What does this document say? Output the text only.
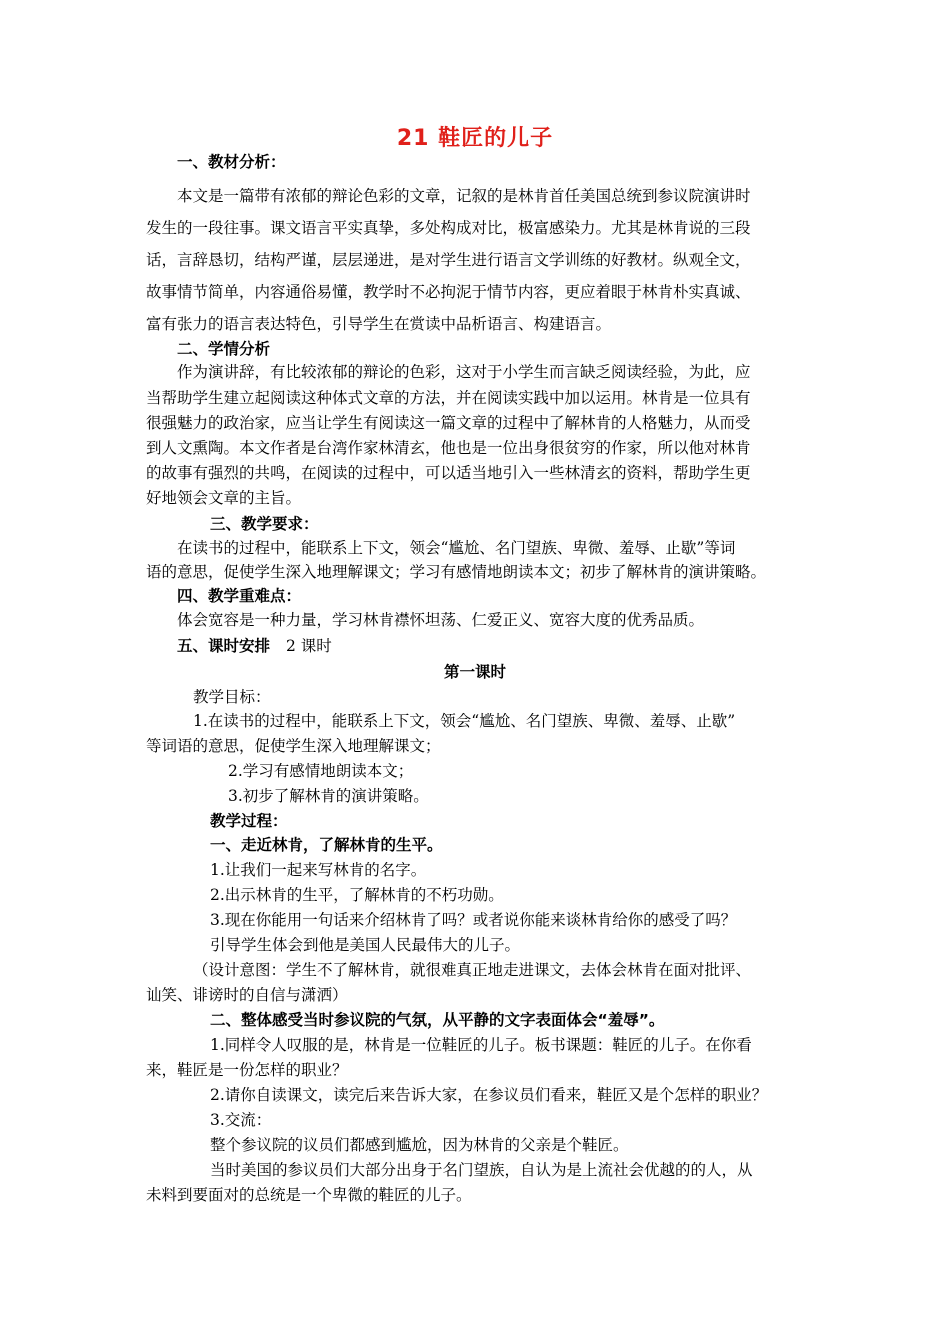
21 鞋匠的儿子
一、教材分析：
本文是一篇带有浓郁的辩论色彩的文章，记叙的是林肯首任美国总统到参议院演讲时
发生的一段往事。课文语言平实真挚，多处构成对比，极富感染力。尤其是林肯说的三段
话，言辞恳切，结构严谨，层层递进，是对学生进行语言文学训练的好教材。纵观全文，
故事情节简单，内容通俗易懂，教学时不必拘泥于情节内容，更应着眼于林肯朴实真诚、
富有张力的语言表达特色，引导学生在赏读中品析语言、构建语言。
二、学情分析
作为演讲辞，有比较浓郁的辩论的色彩，这对于小学生而言缺乏阅读经验，为此，应
当帮助学生建立起阅读这种体式文章的方法，并在阅读实践中加以运用。林肯是一位具有
很强魅力的政治家，应当让学生有阅读这一篇文章的过程中了解林肯的人格魅力，从而受
到人文熏陶。本文作者是台湾作家林清玄，他也是一位出身很贫穷的作家，所以他对林肯
的故事有强烈的共鸣，在阅读的过程中，可以适当地引入一些林清玄的资料，帮助学生更
好地领会文章的主旨。
三、教学要求：
在读书的过程中，能联系上下文，领会“尴尬、名门望族、卑微、羞辱、止歇”等词
语的意思，促使学生深入地理解课文；学习有感情地朗读本文；初步了解林肯的演讲策略。
四、教学重难点：
体会宽容是一种力量，学习林肯襟怀坦荡、仁爱正义、宽容大度的优秀品质。
五、课时安排 2 课时
第一课时
教学目标：
1.在读书的过程中，能联系上下文，领会“尴尬、名门望族、卑微、羞辱、止歇”
等词语的意思，促使学生深入地理解课文；
2.学习有感情地朗读本文；
3.初步了解林肯的演讲策略。
教学过程：
一、走近林肯，了解林肯的生平。
1.让我们一起来写林肯的名字。
2.出示林肯的生平，了解林肯的不朽功勋。
3.现在你能用一句话来介绍林肯了吗？或者说你能来谈林肯给你的感受了吗？
引导学生体会到他是美国人民最伟大的儿子。
（设计意图：学生不了解林肯，就很难真正地走进课文，去体会林肯在面对批评、
讪笑、诽谤时的自信与潇洒）
二、整体感受当时参议院的气氛，从平静的文字表面体会“羞辱”。
1.同样令人叹服的是，林肯是一位鞋匠的儿子。板书课题：鞋匠的儿子。在你看
来，鞋匠是一份怎样的职业？
2.请你自读课文，读完后来告诉大家，在参议员们看来，鞋匠又是个怎样的职业？
3.交流：
整个参议院的议员们都感到尴尬，因为林肯的父亲是个鞋匠。
当时美国的参议员们大部分出身于名门望族，自认为是上流社会优越的的人，从
未料到要面对的总统是一个卑微的鞋匠的儿子。
